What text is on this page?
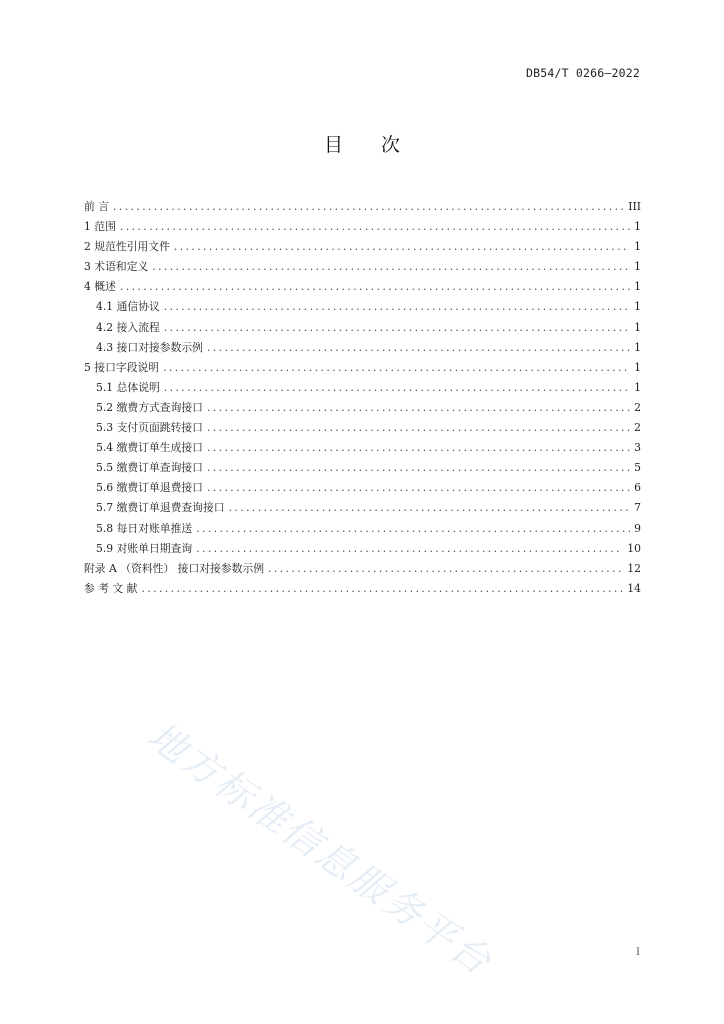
DB54/T 0266—2022
目 次
前 言 .....	III
1 范围 .....	1
2 规范性引用文件 .....	1
3 术语和定义 .....	1
4 概述 .....	1
4.1 通信协议 .....	1
4.2 接入流程 .....	1
4.3 接口对接参数示例 .....	1
5 接口字段说明 .....	1
5.1 总体说明 .....	1
5.2 缴费方式查询接口 .....	2
5.3 支付页面跳转接口 .....	2
5.4 缴费订单生成接口 .....	3
5.5 缴费订单查询接口 .....	5
5.6 缴费订单退费接口 .....	6
5.7 缴费订单退费查询接口 .....	7
5.8 每日对账单推送 .....	9
5.9 对账单日期查询 .....	10
附录 A （资料性） 接口对接参数示例 .....	12
参 考 文 献 .....	14
地方标准信息服务平台	I
